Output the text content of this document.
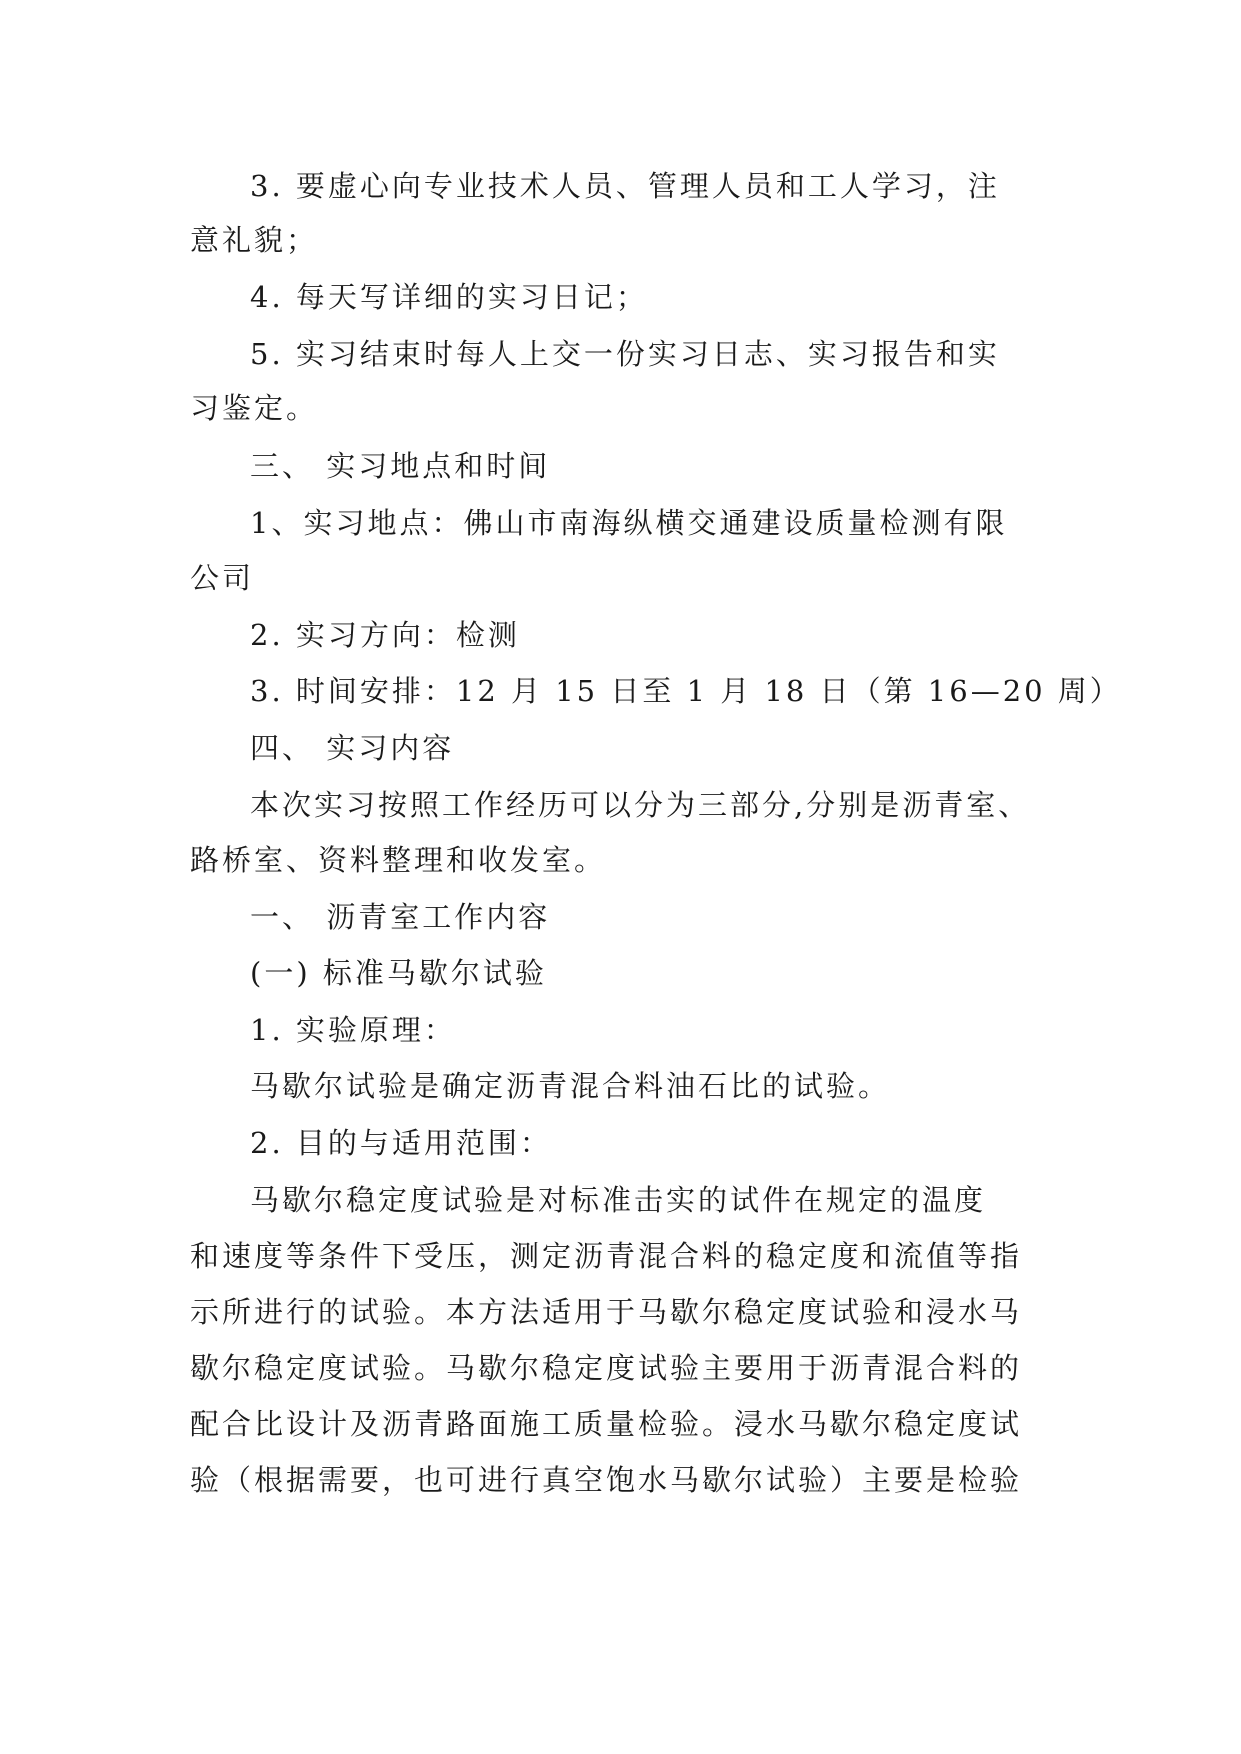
3. 要虚心向专业技术人员、管理人员和工人学习，注
意礼貌；
4. 每天写详细的实习日记；
5. 实习结束时每人上交一份实习日志、实习报告和实
习鉴定。
三、 实习地点和时间
1、实习地点：佛山市南海纵横交通建设质量检测有限
公司
2. 实习方向：检测
3. 时间安排：12 月 15 日至 1 月 18 日（第 16—20 周）
四、 实习内容
本次实习按照工作经历可以分为三部分,分别是沥青室、
路桥室、资料整理和收发室。
一、 沥青室工作内容
(一) 标准马歇尔试验
1. 实验原理：
马歇尔试验是确定沥青混合料油石比的试验。
2. 目的与适用范围：
马歇尔稳定度试验是对标准击实的试件在规定的温度
和速度等条件下受压，测定沥青混合料的稳定度和流值等指
示所进行的试验。本方法适用于马歇尔稳定度试验和浸水马
歇尔稳定度试验。马歇尔稳定度试验主要用于沥青混合料的
配合比设计及沥青路面施工质量检验。浸水马歇尔稳定度试
验（根据需要，也可进行真空饱水马歇尔试验）主要是检验
